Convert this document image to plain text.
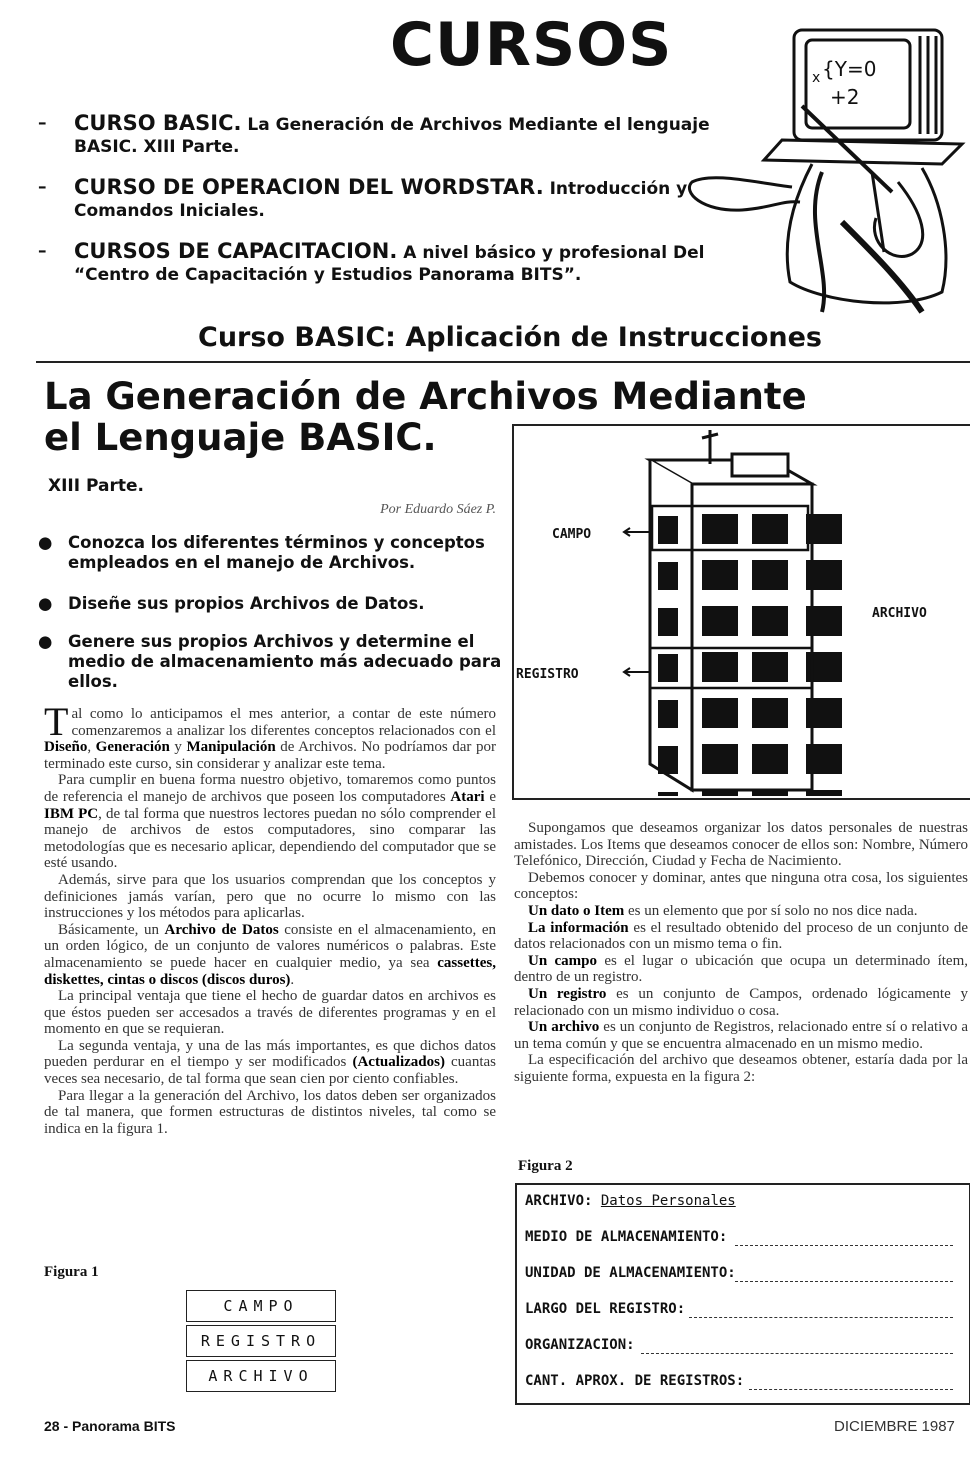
CURSOS
– CURSO BASIC. La Generación de Archivos Mediante el lenguaje BASIC. XIII Parte.
– CURSO DE OPERACION DEL WORDSTAR. Introducción y Comandos Iniciales.
– CURSOS DE CAPACITACION. A nivel básico y profesional Del “Centro de Capacitación y Estudios Panorama BITS”.
{Y=0
+2
x
Curso BASIC: Aplicación de Instrucciones
La Generación de Archivos Mediante el Lenguaje BASIC.
XIII Parte.
Por Eduardo Sáez P.
● Conozca los diferentes términos y conceptos empleados en el manejo de Archivos.
● Diseñe sus propios Archivos de Datos.
● Genere sus propios Archivos y determine el medio de almacenamiento más adecuado para ellos.

Tal como lo anticipamos el mes anterior, a contar de este número comenzaremos a analizar los diferentes conceptos relacionados con el Diseño, Generación y Manipulación de Archivos. No podríamos dar por terminado este curso, sin considerar y analizar este tema.

Para cumplir en buena forma nuestro objetivo, tomaremos como puntos de referencia el manejo de archivos que poseen los computadores Atari e IBM PC, de tal forma que nuestros lectores puedan no sólo comprender el manejo de archivos de estos computadores, sino comparar las metodologías que es necesario aplicar, dependiendo del computador que se esté usando.

Además, sirve para que los usuarios comprendan que los conceptos y definiciones jamás varían, pero que no ocurre lo mismo con las instrucciones y los métodos para aplicarlas.

Básicamente, un Archivo de Datos consiste en el almacenamiento, en un orden lógico, de un conjunto de valores numéricos o palabras. Este almacenamiento se puede hacer en cualquier medio, ya sea cassettes, diskettes, cintas o discos (discos duros).

La principal ventaja que tiene el hecho de guardar datos en archivos es que éstos pueden ser accesados a través de diferentes programas y en el momento en que se requieran.

La segunda ventaja, y una de las más importantes, es que dichos datos pueden perdurar en el tiempo y ser modificados (Actualizados) cuantas veces sea necesario, de tal forma que sean cien por ciento confiables.

Para llegar a la generación del Archivo, los datos deben ser organizados de tal manera, que formen estructuras de distintos niveles, tal como se indica en la figura 1.

Figura 1
CAMPO
REGISTRO
ARCHIVO
CAMPO
REGISTRO
ARCHIVO

Supongamos que deseamos organizar los datos personales de nuestras amistades. Los Items que deseamos conocer de ellos son: Nombre, Número Telefónico, Dirección, Ciudad y Fecha de Nacimiento.

Debemos conocer y dominar, antes que ninguna otra cosa, los siguientes conceptos:

Un dato o Item es un elemento que por sí solo no nos dice nada.

La información es el resultado obtenido del proceso de un conjunto de datos relacionados con un mismo tema o fin.

Un campo es el lugar o ubicación que ocupa un determinado ítem, dentro de un registro.

Un registro es un conjunto de Campos, ordenado lógicamente y relacionado con un mismo individuo o cosa.

Un archivo es un conjunto de Registros, relacionado entre sí o relativo a un tema común y que se encuentra almacenado en un mismo medio.

La especificación del archivo que deseamos obtener, estaría dada por la siguiente forma, expuesta en la figura 2:

Figura 2
ARCHIVO: Datos Personales
MEDIO DE ALMACENAMIENTO:
UNIDAD DE ALMACENAMIENTO:
LARGO DEL REGISTRO:
ORGANIZACION:
CANT. APROX. DE REGISTROS:
28 - Panorama BITS	DICIEMBRE 1987
